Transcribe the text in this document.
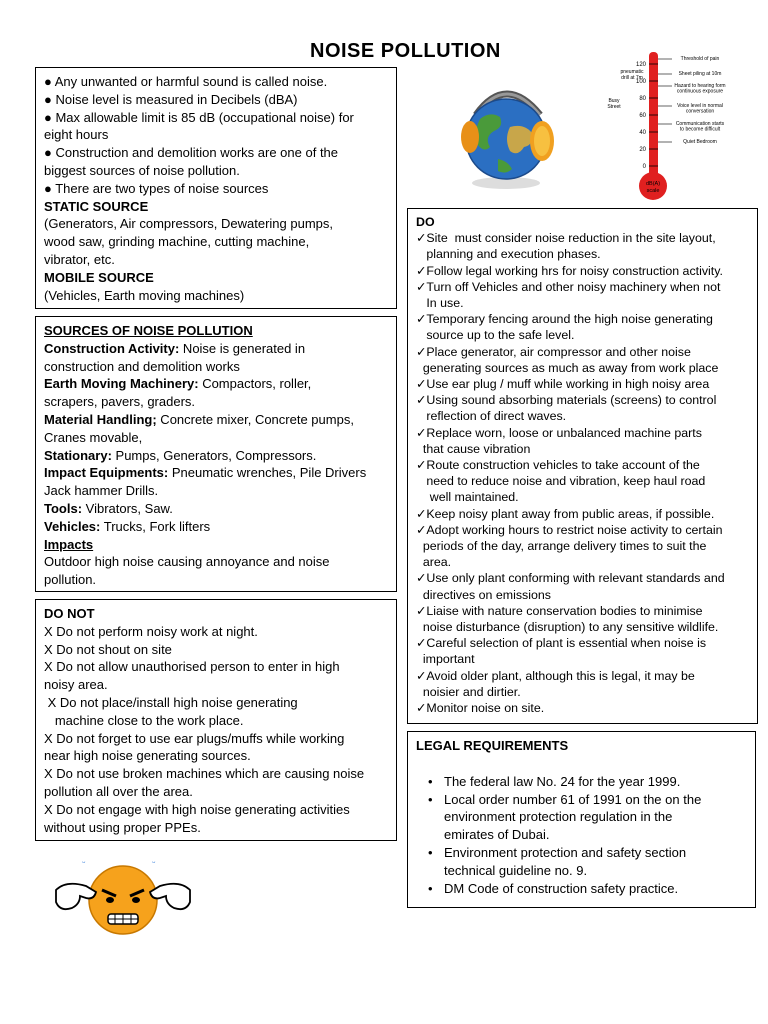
NOISE POLLUTION
● Any unwanted or harmful sound is called noise.
● Noise level is measured in Decibels (dBA)
● Max allowable limit is 85 dB (occupational noise) for
eight hours
● Construction and demolition works are one of the
biggest sources of noise pollution.
● There are two types of noise sources
STATIC SOURCE
(Generators, Air compressors, Dewatering pumps,
wood saw, grinding machine, cutting machine,
vibrator, etc.
MOBILE SOURCE
(Vehicles, Earth moving machines)
SOURCES OF NOISE POLLUTION
Construction Activity: Noise is generated in
construction and demolition works
Earth Moving Machinery: Compactors, roller,
scrapers, pavers, graders.
Material Handling; Concrete mixer, Concrete pumps,
Cranes movable,
Stationary: Pumps, Generators, Compressors.
Impact Equipments: Pneumatic wrenches, Pile Drivers
Jack hammer Drills.
Tools: Vibrators, Saw.
Vehicles: Trucks, Fork lifters
Impacts
Outdoor high noise causing annoyance and noise
pollution.
DO NOT
X Do not perform noisy work at night.
X Do not shout on site
X Do not allow unauthorised person to enter in high
noisy area.
X Do not place/install high noise generating
machine close to the work place.
X Do not forget to use ear plugs/muffs while working
near high noise generating sources.
X Do not use broken machines which are causing noise
pollution all over the area.
X Do not engage with high noise generating activities
without using proper PPEs.
DO
✓Site  must consider noise reduction in the site layout,
planning and execution phases.
✓Follow legal working hrs for noisy construction activity.
✓Turn off Vehicles and other noisy machinery when not
In use.
✓Temporary fencing around the high noise generating
source up to the safe level.
✓Place generator, air compressor and other noise
generating sources as much as away from work place
✓Use ear plug / muff while working in high noisy area
✓Using sound absorbing materials (screens) to control
reflection of direct waves.
✓Replace worn, loose or unbalanced machine parts
that cause vibration
✓Route construction vehicles to take account of the
need to reduce noise and vibration, keep haul road
well maintained.
✓Keep noisy plant away from public areas, if possible.
✓Adopt working hours to restrict noise activity to certain
periods of the day, arrange delivery times to suit the
area.
✓Use only plant conforming with relevant standards and
directives on emissions
✓Liaise with nature conservation bodies to minimise
noise disturbance (disruption) to any sensitive wildlife.
✓Careful selection of plant is essential when noise is
important
✓Avoid older plant, although this is legal, it may be
noisier and dirtier.
✓Monitor noise on site.
LEGAL REQUIREMENTS
• The federal law No. 24 for the year 1999.
• Local order number 61 of 1991 on the on the
environment protection regulation in the
emirates of Dubai.
• Environment protection and safety section
technical guideline no. 9.
• DM Code of construction safety practice.
dB(A)
scale
120
100
80
60
40
20
0
Threshold of pain
Sheet piling at 10m
Hazard to hearing form
continuous exposure
Voice level in normal
conversation
Communication starts
to become difficult
Quiet Bedroom
pneumatic
drill at 7m
Busy
Street
ᵕ	ᵕ
